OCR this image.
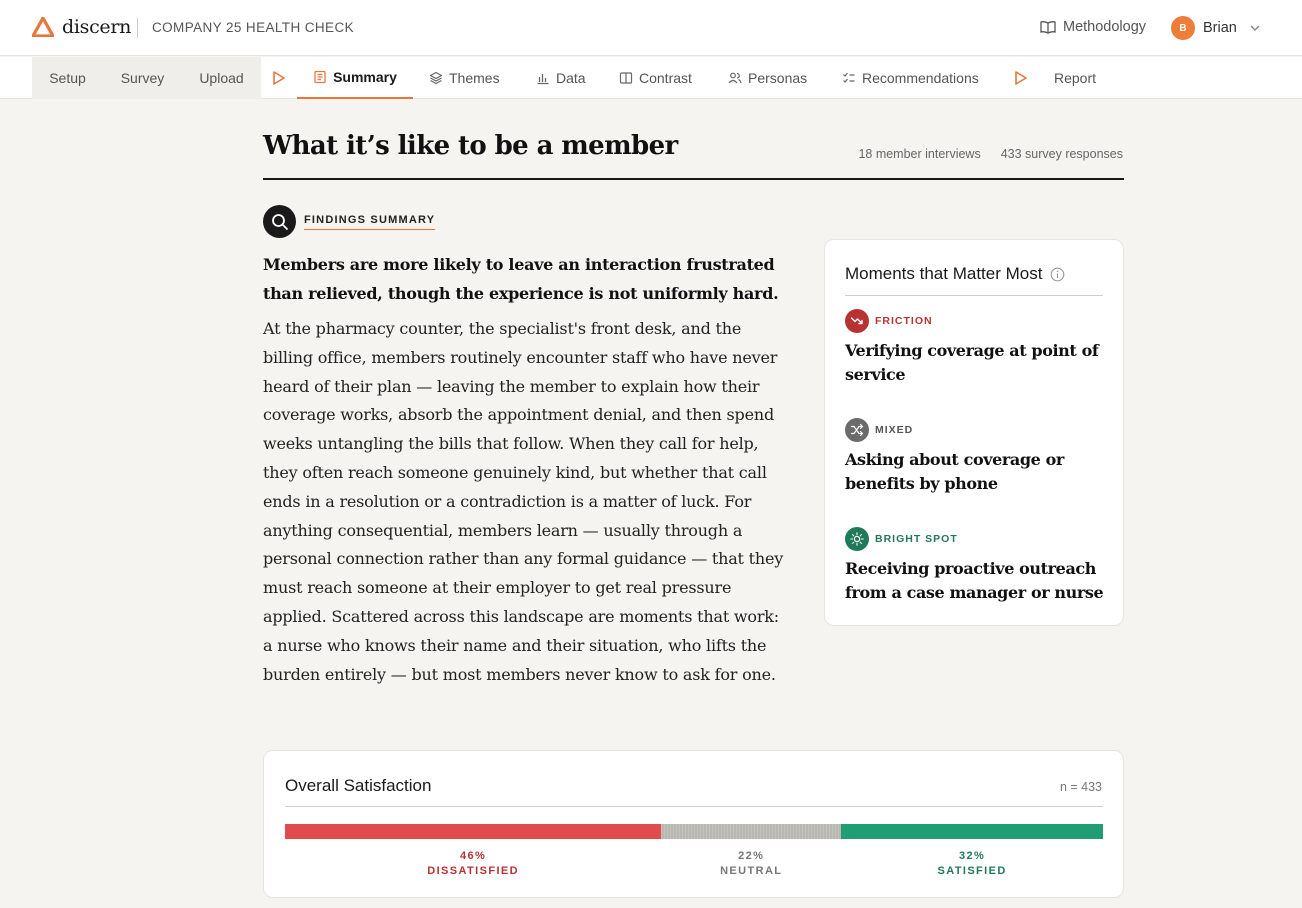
discern COMPANY 25 HEALTH CHECK	Methodology	B	Brian
Setup Survey	Upload	Summary	Themes	Data	Contrast	Personas	Recommendations	Report
What it’s like to be a member	18 member interviews 433 survey responses
FINDINGS SUMMARY

Members are more likely to leave an interaction frustrated than relieved, though the experience is not uniformly hard.

At the pharmacy counter, the specialist's front desk, and the billing office, members routinely encounter staff who have never heard of their plan — leaving the member to explain how their coverage works, absorb the appointment denial, and then spend weeks untangling the bills that follow. When they call for help, they often reach someone genuinely kind, but whether that call ends in a resolution or a contradiction is a matter of luck. For anything consequential, members learn — usually through a personal connection rather than any formal guidance — that they must reach someone at their employer to get real pressure applied. Scattered across this landscape are moments that work: a nurse who knows their name and their situation, who lifts the burden entirely — but most members never know to ask for one.

Moments that Matter Most
FRICTION
Verifying coverage at point of service
MIXED
Asking about coverage or benefits by phone
BRIGHT SPOT
Receiving proactive outreach from a case manager or nurse
Overall Satisfaction	n = 433
46%
DISSATISFIED
22%
NEUTRAL
32%
SATISFIED
